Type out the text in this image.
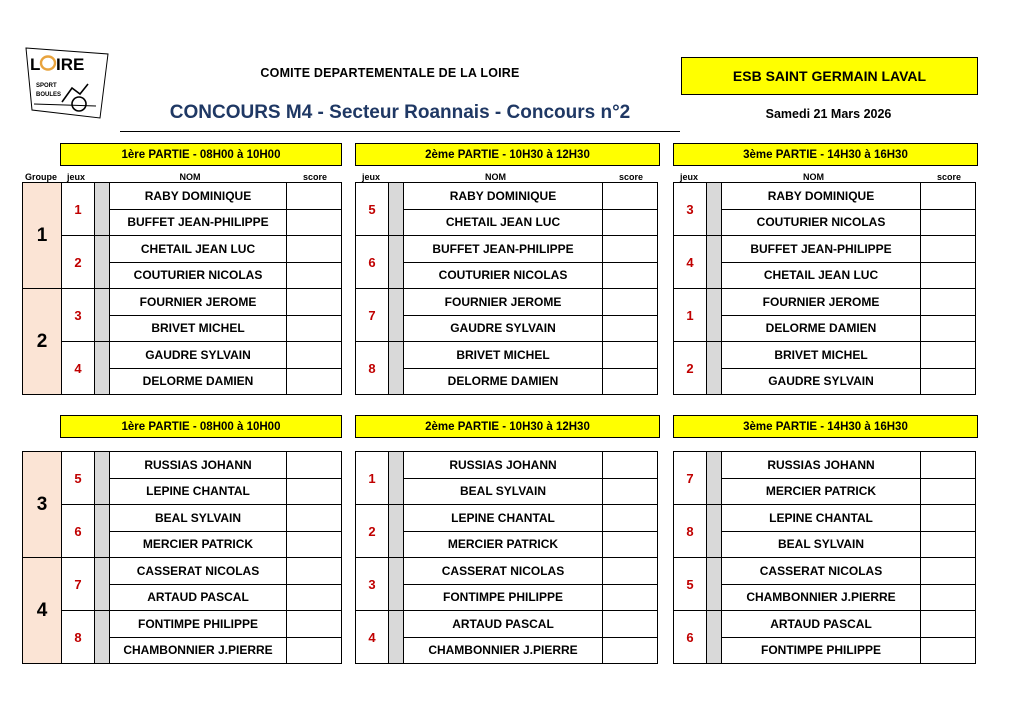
L IRE
SPORT
BOULES
COMITE DEPARTEMENTALE DE LA LOIRE	ESB SAINT GERMAIN LAVAL
CONCOURS M4 - Secteur Roannais - Concours n°2	Samedi 21 Mars 2026
1ère PARTIE - 08H00 à 10H00
Groupe	jeux	NOM	score
1	1		RABY DOMINIQUE	
			BUFFET JEAN-PHILIPPE	
	2		CHETAIL JEAN LUC	
			COUTURIER NICOLAS	
2	3		FOURNIER JEROME	
			BRIVET MICHEL	
	4		GAUDRE SYLVAIN	
			DELORME DAMIEN	
2ème PARTIE - 10H30 à 12H30
jeux	NOM	score
5		RABY DOMINIQUE	
		CHETAIL JEAN LUC	
6		BUFFET JEAN-PHILIPPE	
		COUTURIER NICOLAS	
7		FOURNIER JEROME	
		GAUDRE SYLVAIN	
8		BRIVET MICHEL	
		DELORME DAMIEN	
3ème PARTIE - 14H30 à 16H30
jeux	NOM	score
3		RABY DOMINIQUE	
		COUTURIER NICOLAS	
4		BUFFET JEAN-PHILIPPE	
		CHETAIL JEAN LUC	
1		FOURNIER JEROME	
		DELORME DAMIEN	
2		BRIVET MICHEL	
		GAUDRE SYLVAIN	
1ère PARTIE - 08H00 à 10H00
3	5		RUSSIAS JOHANN	
			LEPINE CHANTAL	
	6		BEAL SYLVAIN	
			MERCIER PATRICK	
4	7		CASSERAT NICOLAS	
			ARTAUD PASCAL	
	8		FONTIMPE PHILIPPE	
			CHAMBONNIER J.PIERRE	
2ème PARTIE - 10H30 à 12H30
1		RUSSIAS JOHANN	
		BEAL SYLVAIN	
2		LEPINE CHANTAL	
		MERCIER PATRICK	
3		CASSERAT NICOLAS	
		FONTIMPE PHILIPPE	
4		ARTAUD PASCAL	
		CHAMBONNIER J.PIERRE	
3ème PARTIE - 14H30 à 16H30
7		RUSSIAS JOHANN	
		MERCIER PATRICK	
8		LEPINE CHANTAL	
		BEAL SYLVAIN	
5		CASSERAT NICOLAS	
		CHAMBONNIER J.PIERRE	
6		ARTAUD PASCAL	
		FONTIMPE PHILIPPE	
